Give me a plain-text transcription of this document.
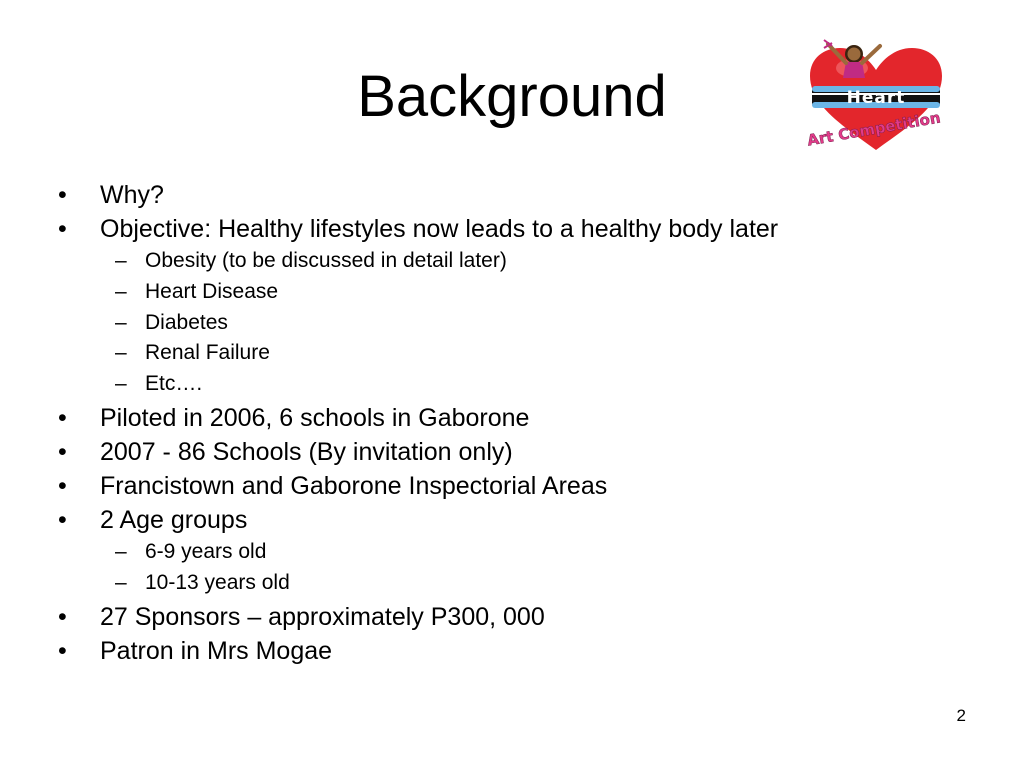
Background	Heart
Art Competition
• Why?
• Objective: Healthy lifestyles now leads to a healthy body later
– Obesity (to be discussed in detail later)
– Heart Disease
– Diabetes
– Renal Failure
– Etc….
• Piloted in 2006, 6 schools in Gaborone
• 2007 - 86 Schools (By invitation only)
• Francistown and Gaborone Inspectorial Areas
• 2 Age groups
– 6-9 years old
– 10-13 years old
• 27 Sponsors – approximately P300, 000
• Patron in Mrs Mogae
2
